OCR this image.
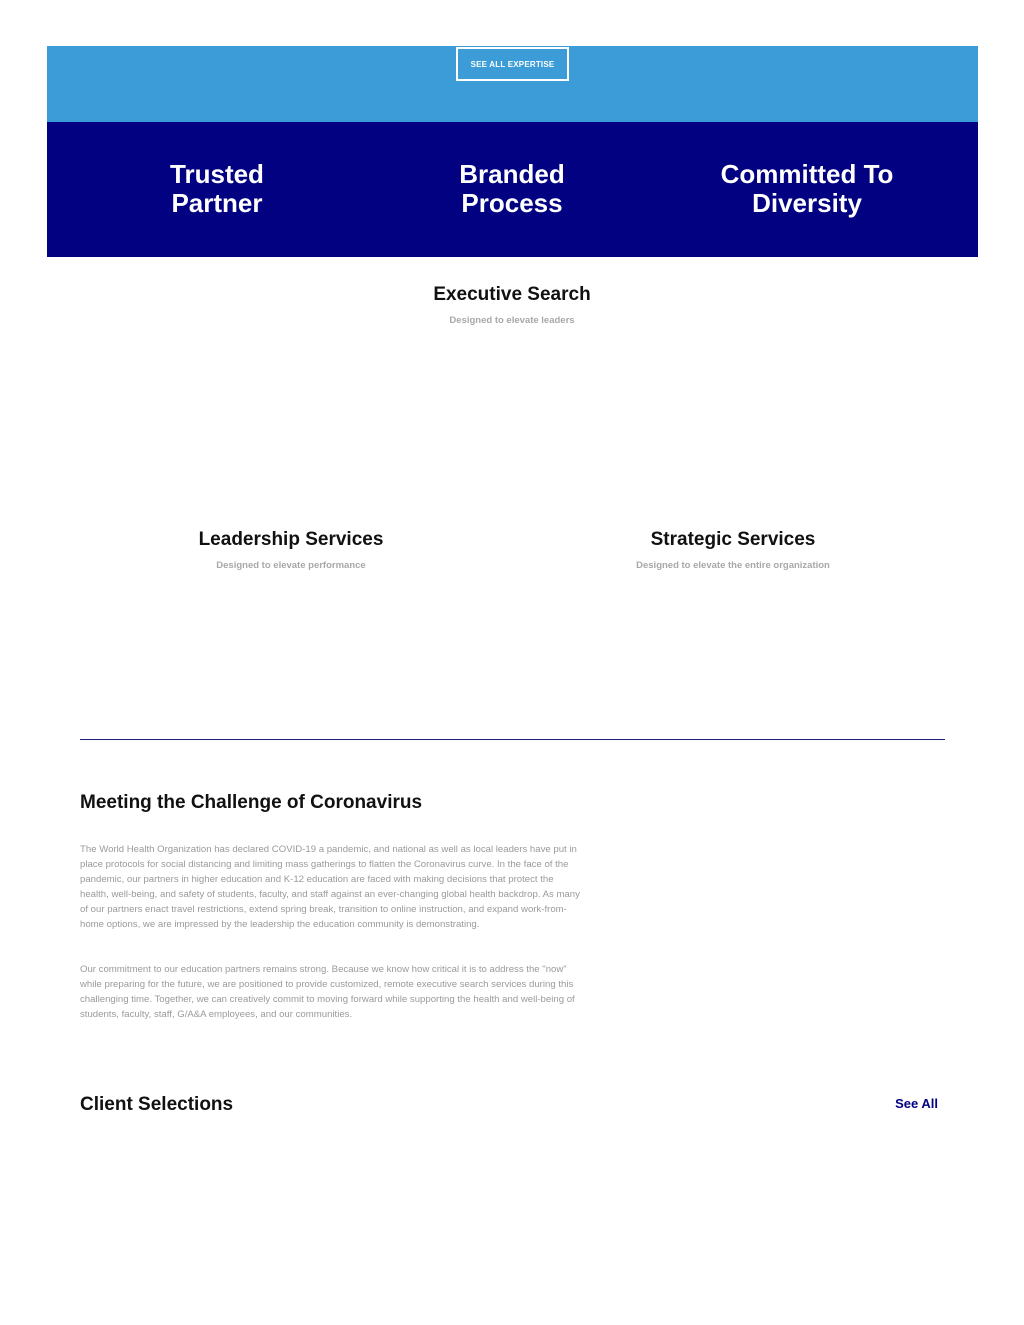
SEE ALL EXPERTISE
Trusted
Partner
Branded
Process
Committed To
Diversity
Executive Search
Designed to elevate leaders
Leadership Services
Designed to elevate performance
Strategic Services
Designed to elevate the entire organization
Meeting the Challenge of Coronavirus

The World Health Organization has declared COVID-19 a pandemic, and national as well as local leaders have put in place protocols for social distancing and limiting mass gatherings to flatten the Coronavirus curve. In the face of the pandemic, our partners in higher education and K-12 education are faced with making decisions that protect the health, well-being, and safety of students, faculty, and staff against an ever-changing global health backdrop. As many of our partners enact travel restrictions, extend spring break, transition to online instruction, and expand work-from-home options, we are impressed by the leadership the education community is demonstrating.

Our commitment to our education partners remains strong. Because we know how critical it is to address the "now"      while preparing for the future, we are positioned to provide customized, remote executive search services during this challenging time. Together, we can creatively commit to moving forward while supporting the health and well-being of students, faculty, staff, G/A&A employees, and our communities.

Client Selections	See All
